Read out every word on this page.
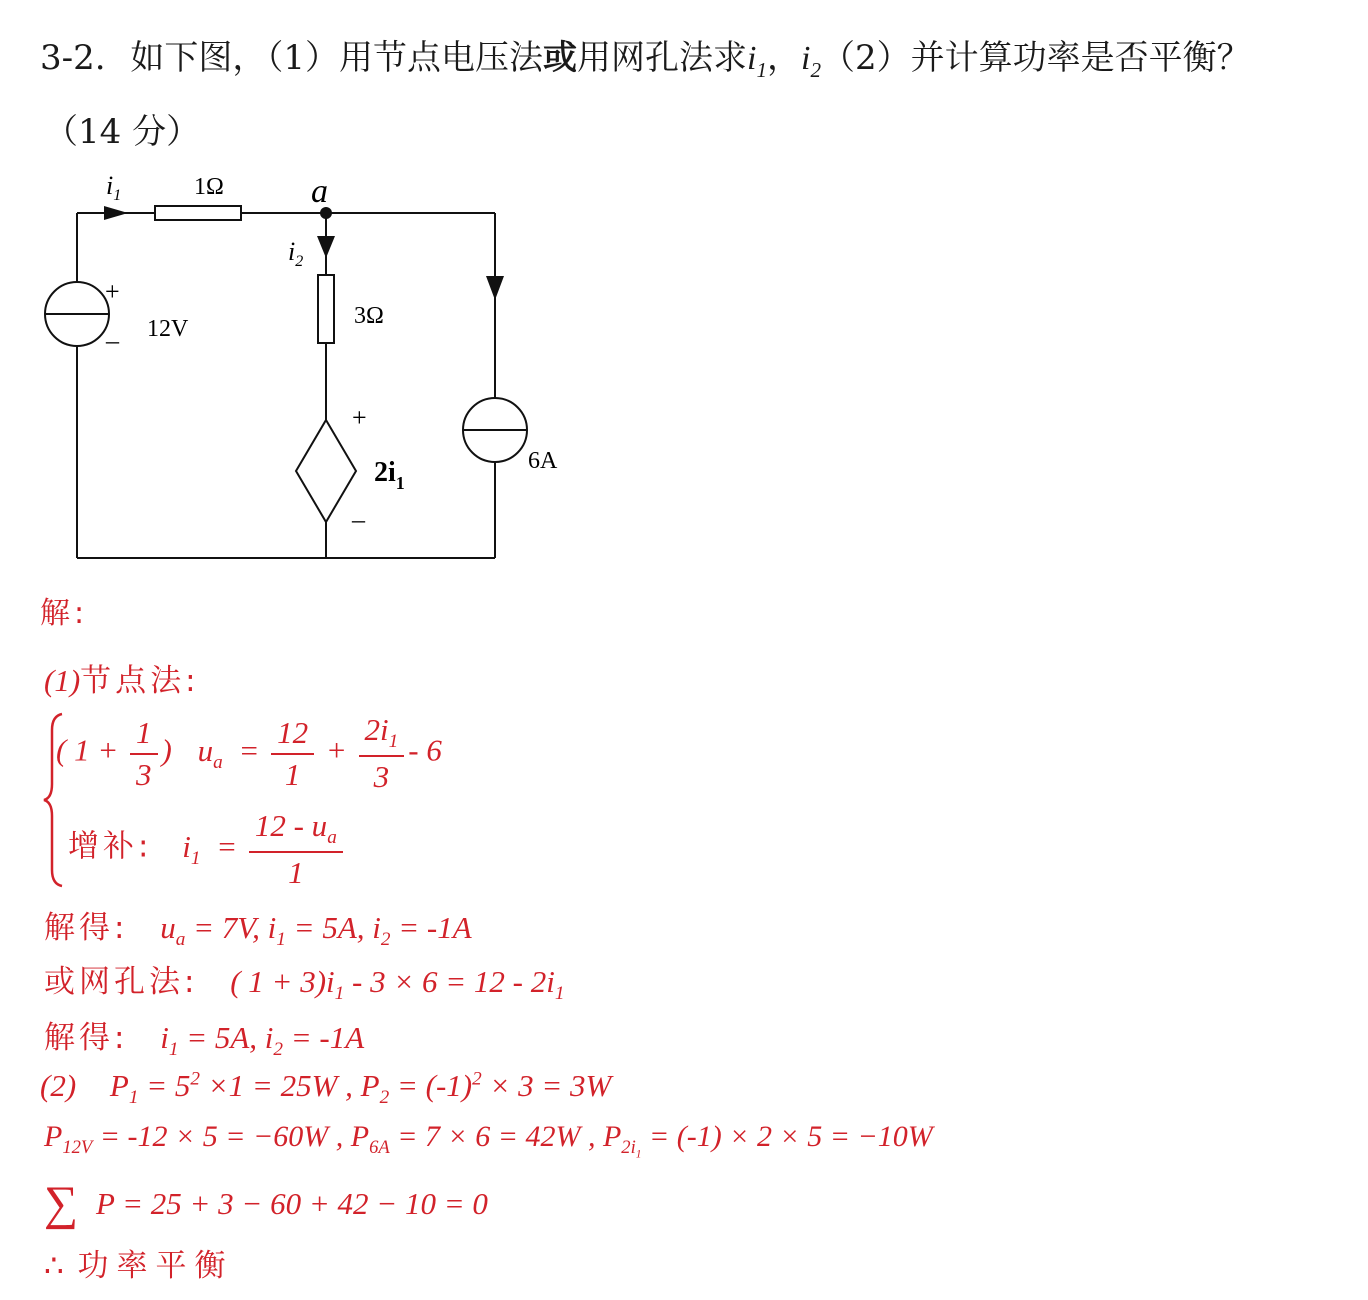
3-2. 如下图，（1）用节点电压法或用网孔法求$i_1$，$i_2(2)$并计算功率是否平衡？
（14 分）
$i_1$	1Ω	a
$i_2$
3Ω
12V
+
_
+
–
$2i_1$
6A
解:
(1)节点法:
( $1 + \frac{1}{3}$ ) $u_a = \frac{12}{1} + \frac{2i_1}{3} - 6$
增补: $i_1 = \frac{12 - u_a}{1}$
解得: $u_a = 7V$, $i_1 = 5A$, $i_2 = -1A$
或网孔法: ( $1 + 3)i_1 - 3 \times 6 = 12 - 2i_1$
解得: $i_1 = 5A$, $i_2 = -1A$
(2) $P_1 = 5^2 \times 1 = 25W$ , $P_2 = (-1)^2 \times 3 = 3W$
$P_{12V} = -12 \times 5 = -60W$ , $P_{6A} = 7 \times 6 = 42W$ , $P_{2i_1} = (-1) \times 2 \times 5 = -10W$
∑ P = 25 + 3 − 60 + 42 − 10 = 0
∴ 功率平衡
